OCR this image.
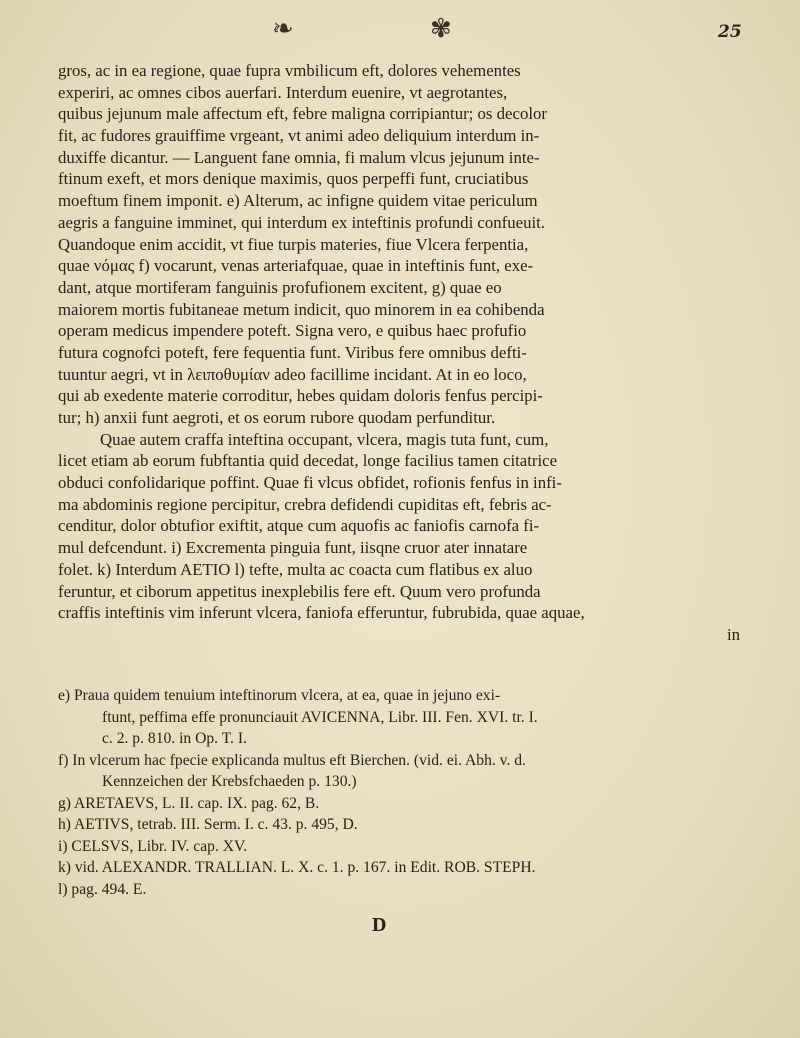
❧	✾	25
gros, ac in ea regione, quae fupra vmbilicum eft, dolores vehementes
experiri, ac omnes cibos auerfari. Interdum euenire, vt aegrotantes,
quibus jejunum male affectum eft, febre maligna corripiantur; os decolor
fit, ac fudores grauiffime vrgeant, vt animi adeo deliquium interdum in-
duxiffe dicantur. — Languent fane omnia, fi malum vlcus jejunum inte-
ftinum exeft, et mors denique maximis, quos perpeffi funt, cruciatibus
moeftum finem imponit. e) Alterum, ac infigne quidem vitae periculum
aegris a fanguine imminet, qui interdum ex inteftinis profundi confueuit.
Quandoque enim accidit, vt fiue turpis materies, fiue Vlcera ferpentia,
quae νόμας f) vocarunt, venas arteriafquae, quae in inteftinis funt, exe-
dant, atque mortiferam fanguinis profufionem excitent, g) quae eo
maiorem mortis fubitaneae metum indicit, quo minorem in ea cohibenda
operam medicus impendere poteft. Signa vero, e quibus haec profufio
futura cognofci poteft, fere fequentia funt. Viribus fere omnibus defti-
tuuntur aegri, vt in λειποθυμίαν adeo facillime incidant. At in eo loco,
qui ab exedente materie corroditur, hebes quidam doloris fenfus percipi-
tur; h) anxii funt aegroti, et os eorum rubore quodam perfunditur.
Quae autem craffa inteftina occupant, vlcera, magis tuta funt, cum,
licet etiam ab eorum fubftantia quid decedat, longe facilius tamen citatrice
obduci confolidarique poffint. Quae fi vlcus obfidet, rofionis fenfus in infi-
ma abdominis regione percipitur, crebra defidendi cupiditas eft, febris ac-
cenditur, dolor obtufior exiftit, atque cum aquofis ac faniofis carnofa fi-
mul defcendunt. i) Excrementa pinguia funt, iisqne cruor ater innatare
folet. k) Interdum AETIO l) tefte, multa ac coacta cum flatibus ex aluo
feruntur, et ciborum appetitus inexplebilis fere eft. Quum vero profunda
craffis inteftinis vim inferunt vlcera, faniofa efferuntur, fubrubida, quae aquae,
in
e) Praua quidem tenuium inteftinorum vlcera, at ea, quae in jejuno exi-
ftunt, peffima effe pronunciauit AVICENNA, Libr. III. Fen. XVI. tr. I.
c. 2. p. 810. in Op. T. I.
f) In vlcerum hac fpecie explicanda multus eft Bierchen. (vid. ei. Abh. v. d.
Kennzeichen der Krebsfchaeden p. 130.)
g) ARETAEVS, L. II. cap. IX. pag. 62, B.
h) AETIVS, tetrab. III. Serm. I. c. 43. p. 495, D.
i) CELSVS, Libr. IV. cap. XV.
k) vid. ALEXANDR. TRALLIAN. L. X. c. 1. p. 167. in Edit. ROB. STEPH.
l) pag. 494. E.
D
